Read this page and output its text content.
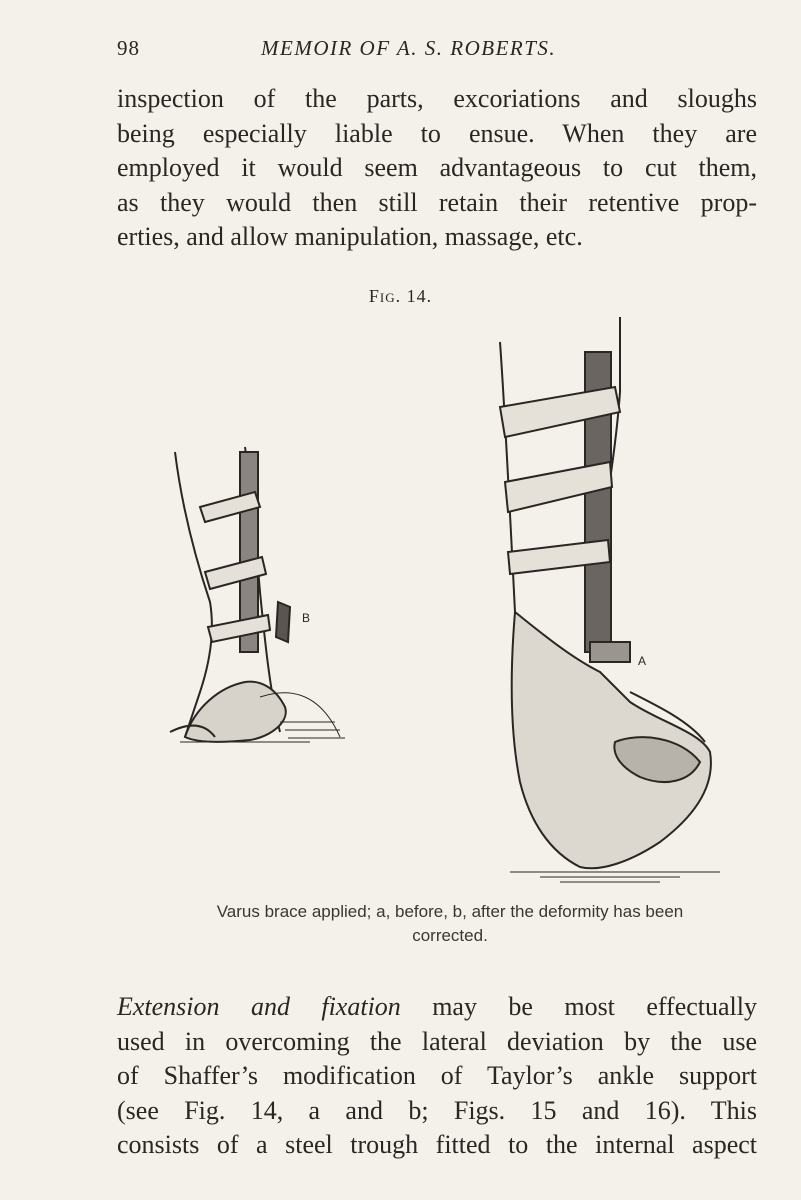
98	MEMOIR OF A. S. ROBERTS.
inspection of the parts, excoriations and sloughs
being especially liable to ensue. When they are
employed it would seem advantageous to cut them,
as they would then still retain their retentive prop-
erties, and allow manipulation, massage, etc.
Fig. 14.
B
A
Varus brace applied; a, before, b, after the deformity has been
corrected.
Extension and fixation may be most effectually
used in overcoming the lateral deviation by the use
of Shaffer’s modification of Taylor’s ankle support
(see Fig. 14, a and b; Figs. 15 and 16). This
consists of a steel trough fitted to the internal aspect
